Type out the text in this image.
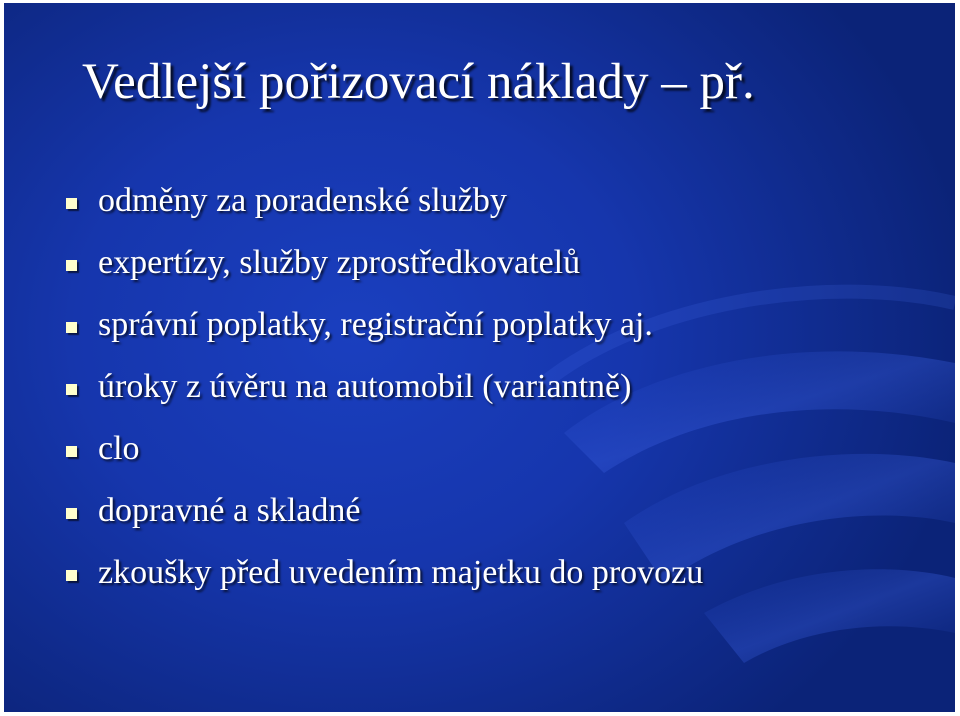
Vedlejší pořizovací náklady – př.
odměny za poradenské služby
expertízy, služby zprostředkovatelů
správní poplatky, registrační poplatky aj.
úroky z úvěru na automobil (variantně)
clo
dopravné a skladné
zkoušky před uvedením majetku do provozu
